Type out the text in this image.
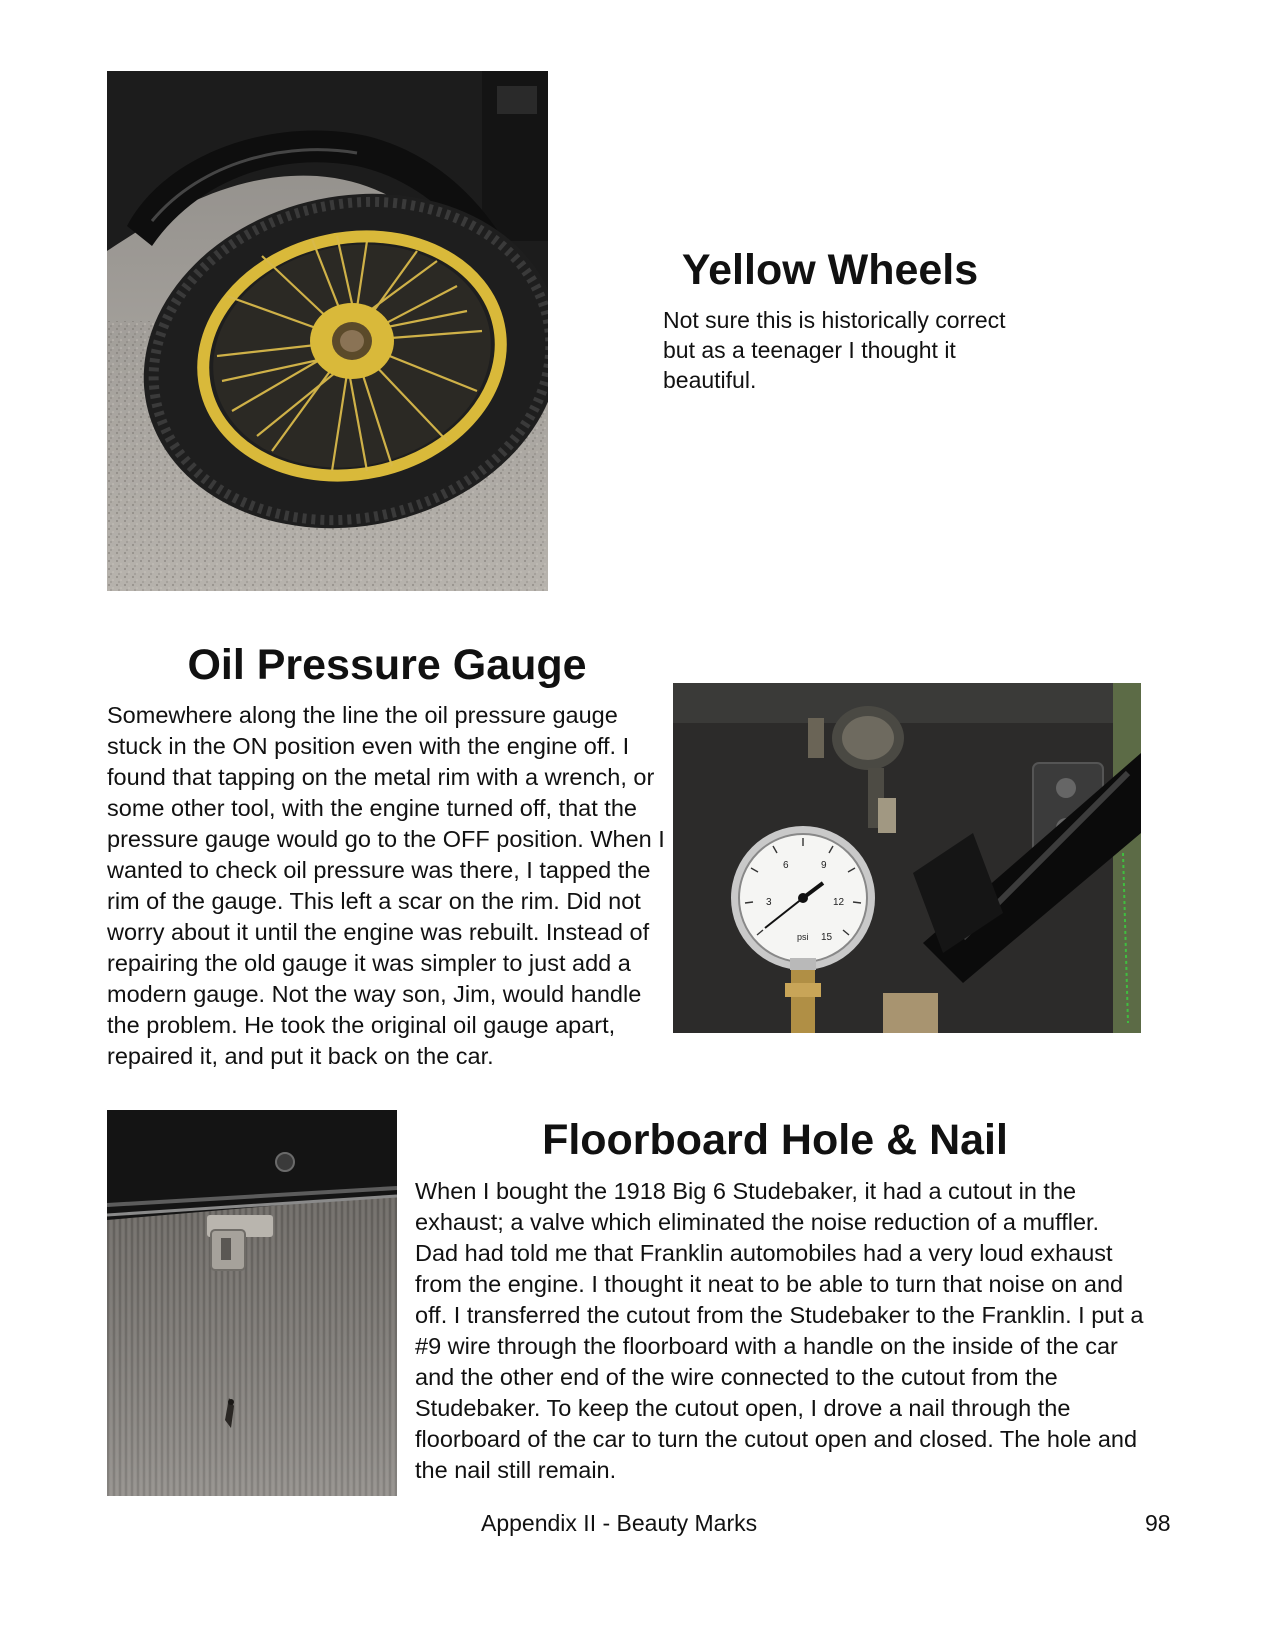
Yellow Wheels

Not sure this is historically correct but as a teenager I thought it beautiful.

Oil Pressure Gauge

Somewhere along the line the oil pressure gauge stuck in the ON position even with the engine off. I found that tapping on the metal rim with a wrench, or some other tool, with the engine turned off, that the pressure gauge would go to the OFF position. When I wanted to check oil pressure was there, I tapped the rim of the gauge. This left a scar on the rim. Did not worry about it until the engine was rebuilt. Instead of repairing the old gauge it was simpler to just add a modern gauge. Not the way son, Jim, would handle the problem. He took the original oil gauge apart, repaired it, and put it back on the car.

3
6	9
12
15
psi
Floorboard Hole & Nail

When I bought the 1918 Big 6 Studebaker, it had a cutout in the exhaust; a valve which eliminated the noise reduction of a muffler. Dad had told me that Franklin automobiles had a very loud exhaust from the engine. I thought it neat to be able to turn that noise on and off. I transferred the cutout from the Studebaker to the Franklin. I put a #9 wire through the floorboard with a handle on the inside of the car and the other end of the wire connected to the cutout from the Studebaker. To keep the cutout open, I drove a nail through the floorboard of the car to turn the cutout open and closed. The hole and the nail still remain.

Appendix II - Beauty Marks	98
